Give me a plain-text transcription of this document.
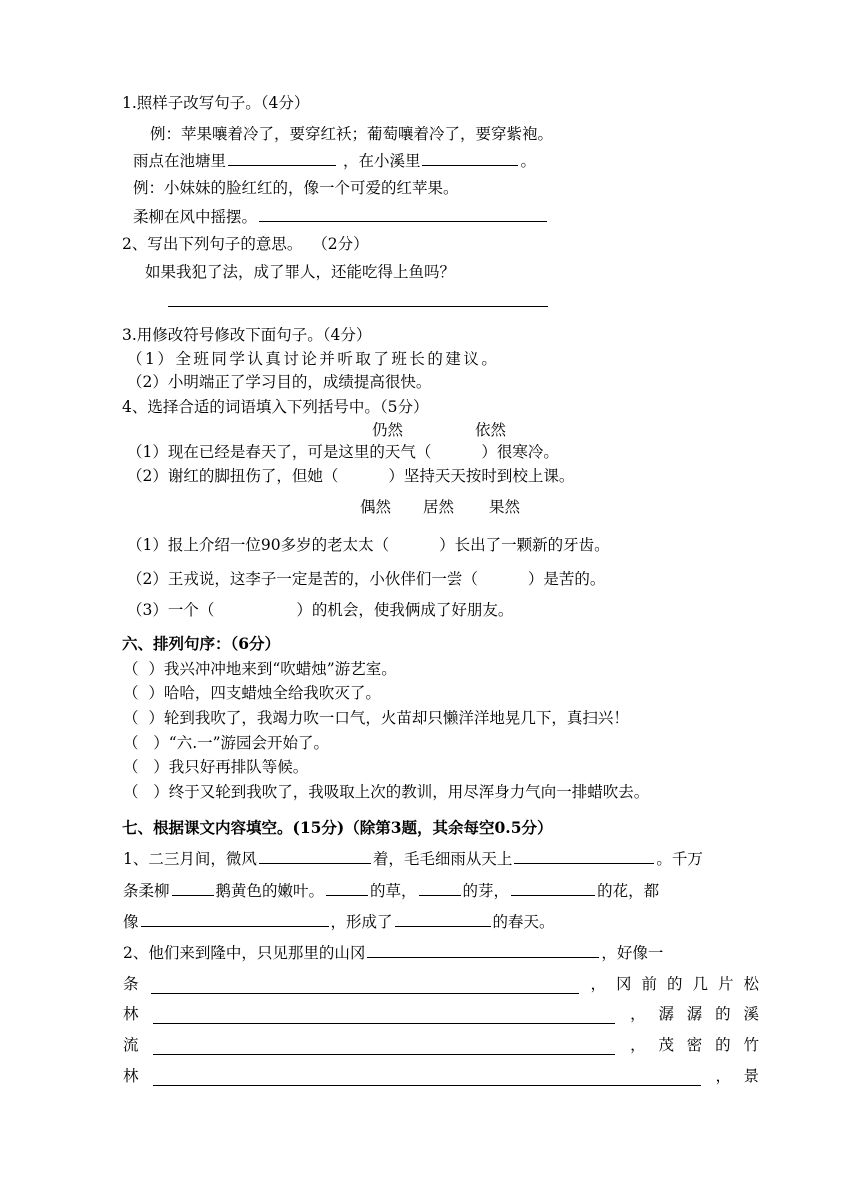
1.照样子改写句子。（4分）
例：苹果嚷着冷了，要穿红袄；葡萄嚷着冷了，要穿紫袍。
雨点在池塘里	，在小溪里	。
例：小妹妹的脸红红的，像一个可爱的红苹果。
柔柳在风中摇摆。
2、写出下列句子的意思。  （2分）
如果我犯了法，成了罪人，还能吃得上鱼吗？
3.用修改符号修改下面句子。（4分）
（1）全班同学认真讨论并听取了班长的建议。
（2）小明端正了学习目的，成绩提高很快。
4、选择合适的词语填入下列括号中。（5分）
仍然	依然
（1）现在已经是春天了，可是这里的天气（	）很寒冷。
（2）谢红的脚扭伤了，但她（	）坚持天天按时到校上课。
偶然 居然 果然
（1）报上介绍一位90多岁的老太太（	）长出了一颗新的牙齿。
（2）王戎说，这李子一定是苦的，小伙伴们一尝（	）是苦的。
（3）一个（	）的机会，使我俩成了好朋友。
六、排列句序：（6分）
（  ）我兴冲冲地来到“吹蜡烛”游艺室。
（  ）哈哈，四支蜡烛全给我吹灭了。
（  ）轮到我吹了，我竭力吹一口气，火苗却只懒洋洋地晃几下，真扫兴！
（   ）“六.一”游园会开始了。
（   ）我只好再排队等候。
（   ）终于又轮到我吹了，我吸取上次的教训，用尽浑身力气向一排蜡吹去。
七、根据课文内容填空。(15分)（除第3题，其余每空0.5分）
1、二三月间，微风	着，毛毛细雨从天上	。千万
条柔柳	鹅黄色的嫩叶。	的草，	的芽，	的花，都
像	，形成了	的春天。
2、他们来到隆中，只见那里的山冈	，好像一
条	， 冈 前 的 几 片 松
林	， 潺 潺 的 溪
流	， 茂 密 的 竹
林	， 景
